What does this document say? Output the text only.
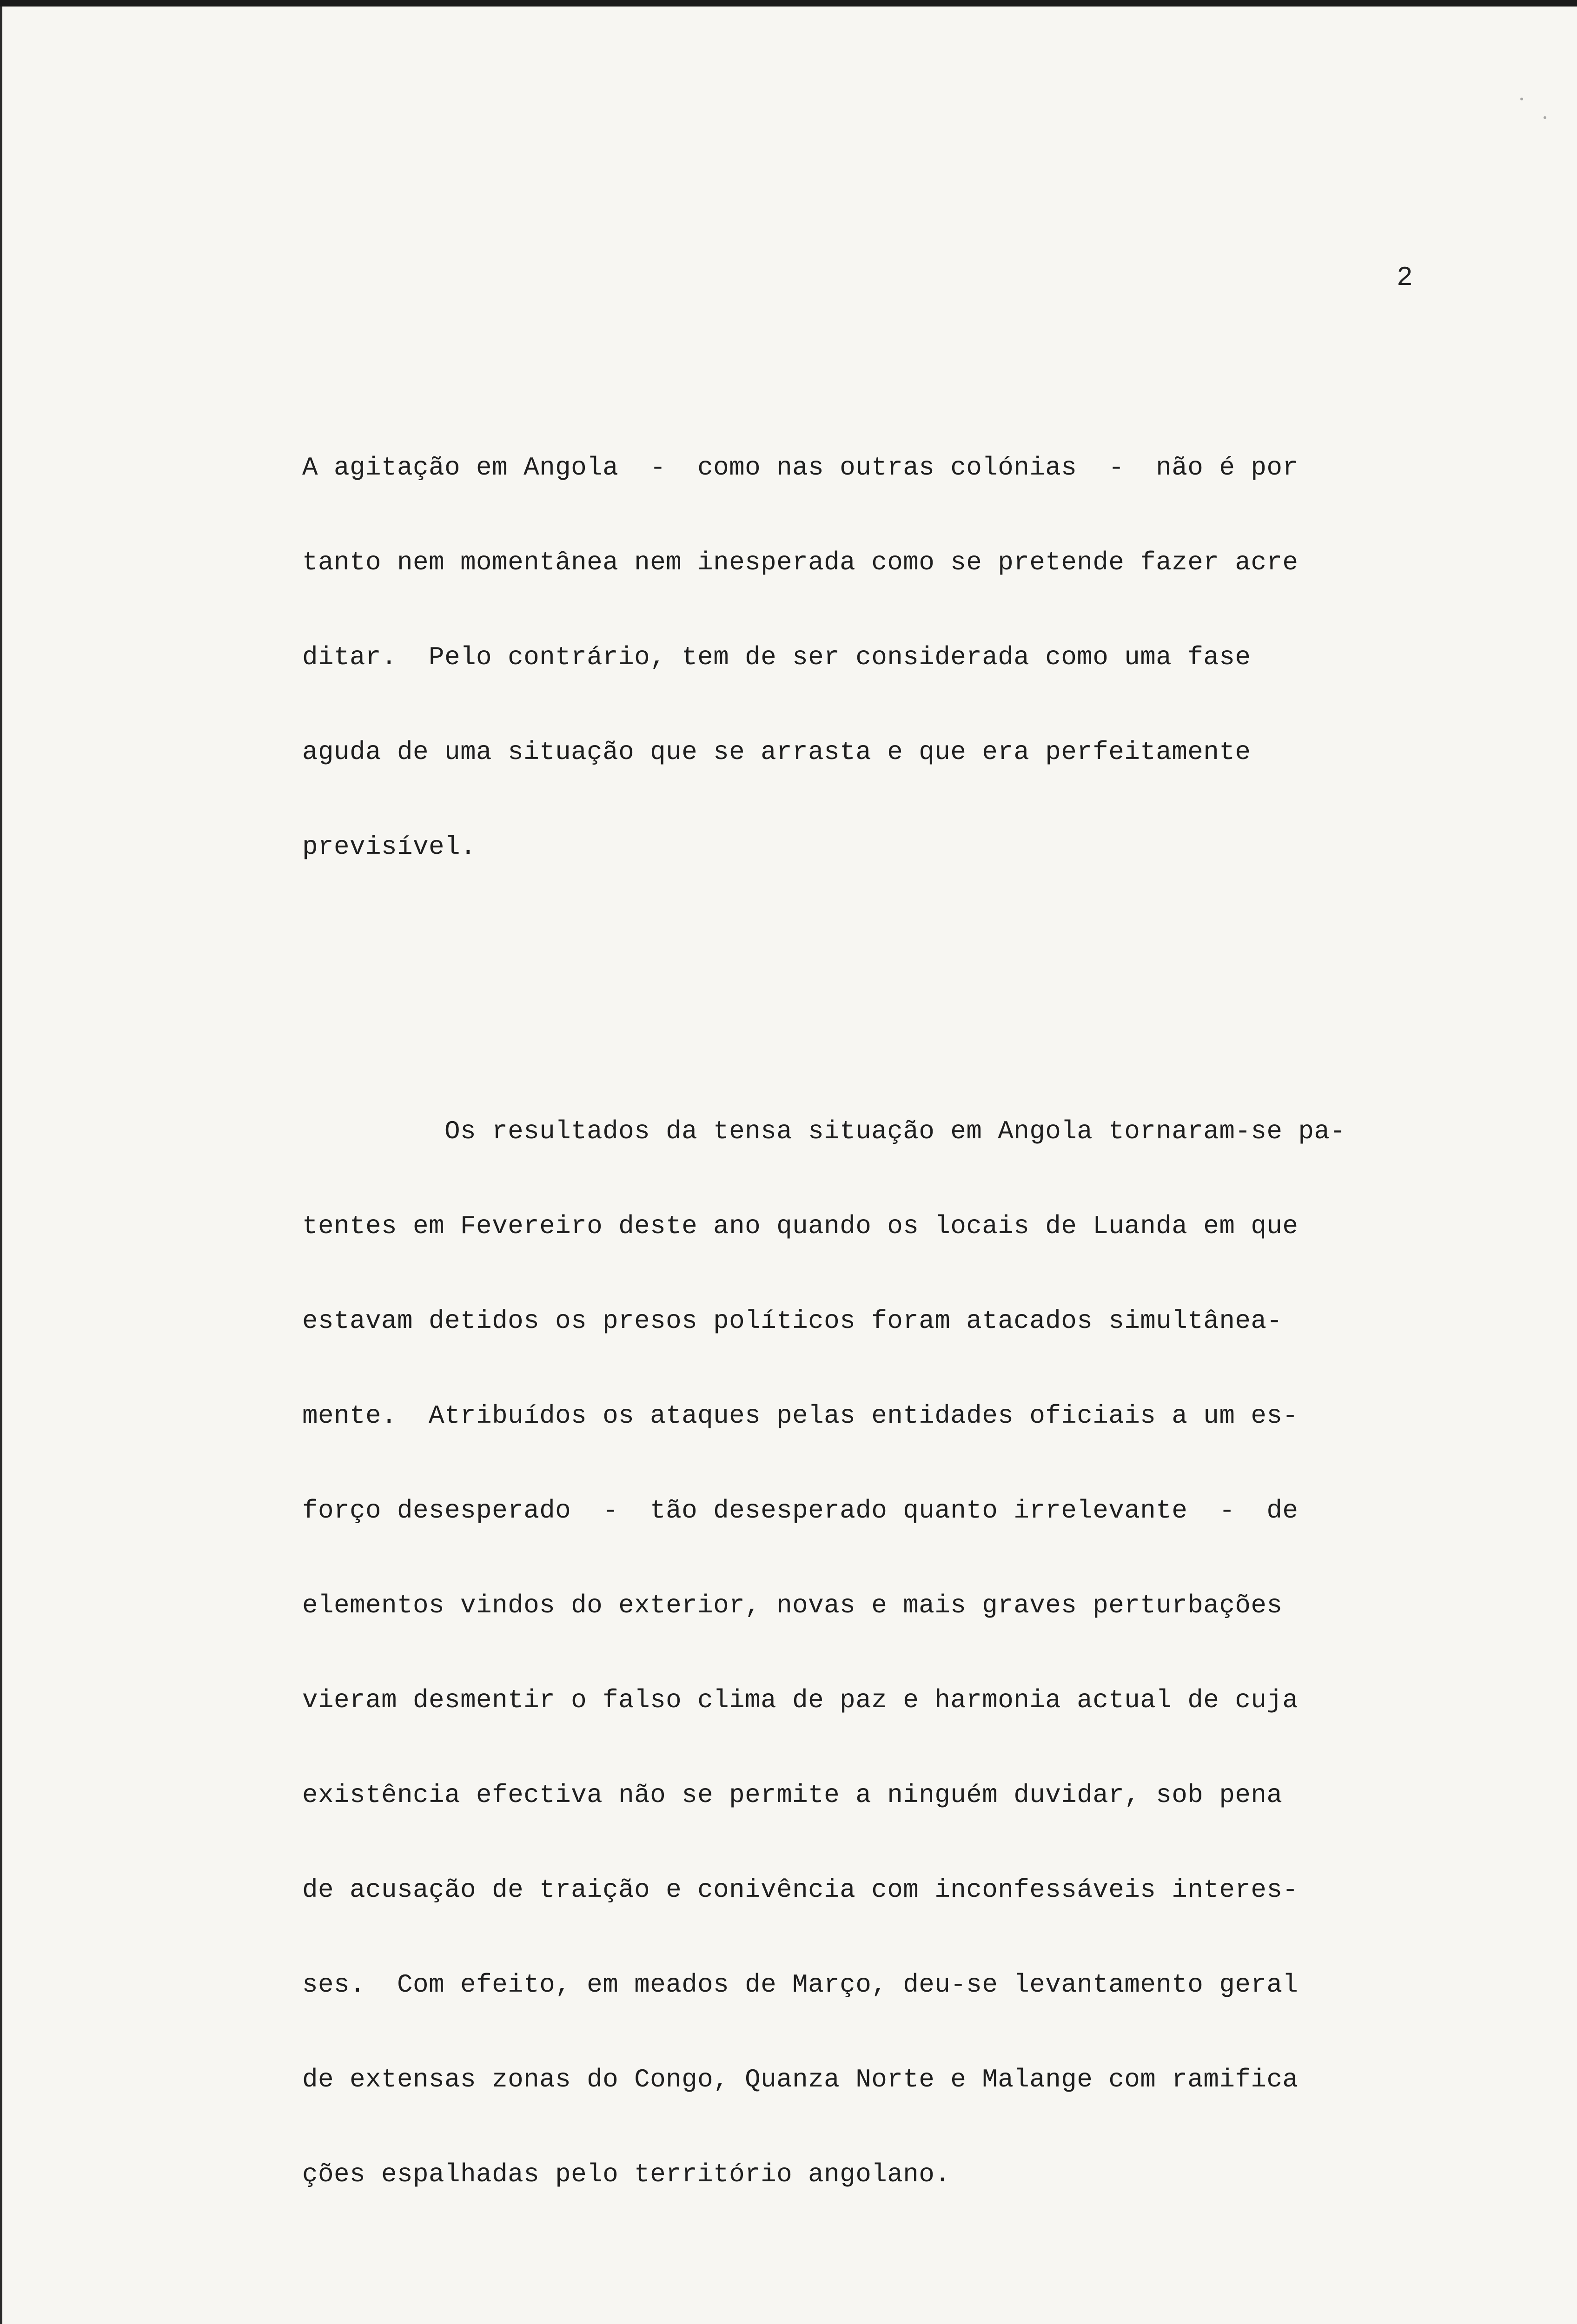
2

A agitação em Angola  -  como nas outras colónias  -  não é por

tanto nem momentânea nem inesperada como se pretende fazer acre

ditar.  Pelo contrário, tem de ser considerada como uma fase

aguda de uma situação que se arrasta e que era perfeitamente

previsível.

Os resultados da tensa situação em Angola tornaram-se pa-

tentes em Fevereiro deste ano quando os locais de Luanda em que

estavam detidos os presos políticos foram atacados simultânea-

mente.  Atribuídos os ataques pelas entidades oficiais a um es-

forço desesperado  -  tão desesperado quanto irrelevante  -  de

elementos vindos do exterior, novas e mais graves perturbações

vieram desmentir o falso clima de paz e harmonia actual de cuja

existência efectiva não se permite a ninguém duvidar, sob pena

de acusação de traição e conivência com inconfessáveis interes-

ses.  Com efeito, em meados de Março, deu-se levantamento geral

de extensas zonas do Congo, Quanza Norte e Malange com ramifica

ções espalhadas pelo território angolano.
